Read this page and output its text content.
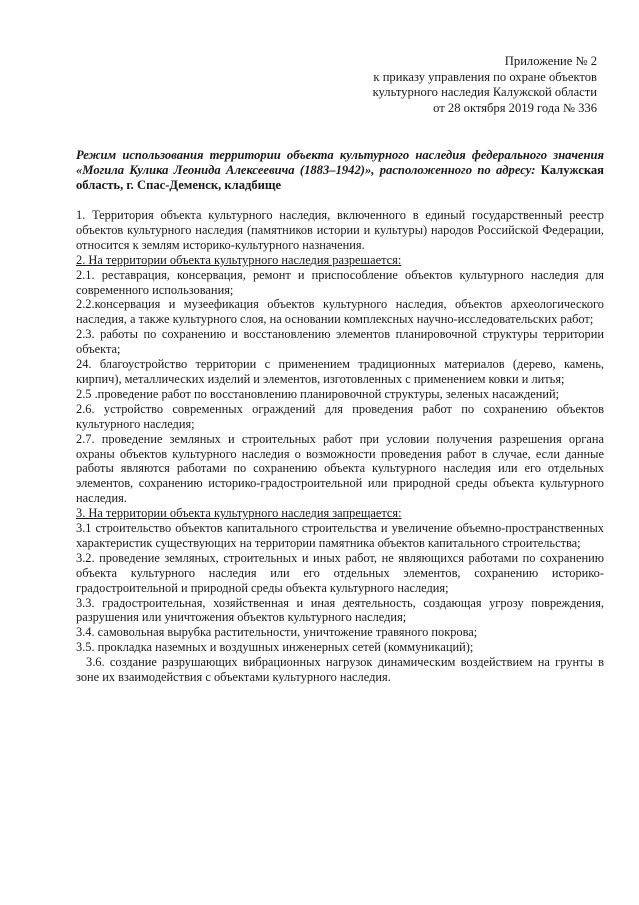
Приложение № 2
к приказу управления по охране объектов
культурного наследия Калужской области
от 28 октября 2019 года № 336
Режим использования территории объекта культурного наследия федерального значения «Могила Кулика Леонида Алексеевича (1883–1942)», расположенного по адресу: Калужская область, г. Спас-Деменск, кладбище

1. Территория объекта культурного наследия, включенного в единый государственный реестр объектов культурного наследия (памятников истории и культуры) народов Российской Федерации, относится к землям историко-культурного назначения.

2. На территории объекта культурного наследия разрешается:

2.1. реставрация, консервация, ремонт и приспособление объектов культурного наследия для современного использования;

2.2.консервация и музеефикация объектов культурного наследия, объектов археологического наследия, а также культурного слоя, на основании комплексных научно-исследовательских работ;

2.3. работы по сохранению и восстановлению элементов планировочной структуры территории объекта;

24. благоустройство территории с применением традиционных материалов (дерево, камень, кирпич), металлических изделий и элементов, изготовленных с применением ковки и литья;

2.5 .проведение работ по восстановлению планировочной структуры, зеленых насаждений;

2.6. устройство современных ограждений для проведения работ по сохранению объектов культурного наследия;

2.7. проведение земляных и строительных работ при условии получения разрешения органа охраны объектов культурного наследия о возможности проведения работ в случае, если данные работы являются работами по сохранению объекта культурного наследия или его отдельных элементов, сохранению историко-градостроительной или природной среды объекта культурного наследия.

3. На территории объекта культурного наследия запрещается:

3.1 строительство объектов капитального строительства и увеличение объемно-пространственных характеристик существующих на территории памятника объектов капитального строительства;

3.2. проведение земляных, строительных и иных работ, не являющихся работами по сохранению объекта культурного наследия или его отдельных элементов, сохранению историко-градостроительной и природной среды объекта культурного наследия;

3.3. градостроительная, хозяйственная и иная деятельность, создающая угрозу повреждения, разрушения или уничтожения объектов культурного наследия;

3.4. самовольная вырубка растительности, уничтожение травяного покрова;

3.5. прокладка наземных и воздушных инженерных сетей (коммуникаций);

3.6. создание разрушающих вибрационных нагрузок динамическим воздействием на грунты в зоне их взаимодействия с объектами культурного наследия.
